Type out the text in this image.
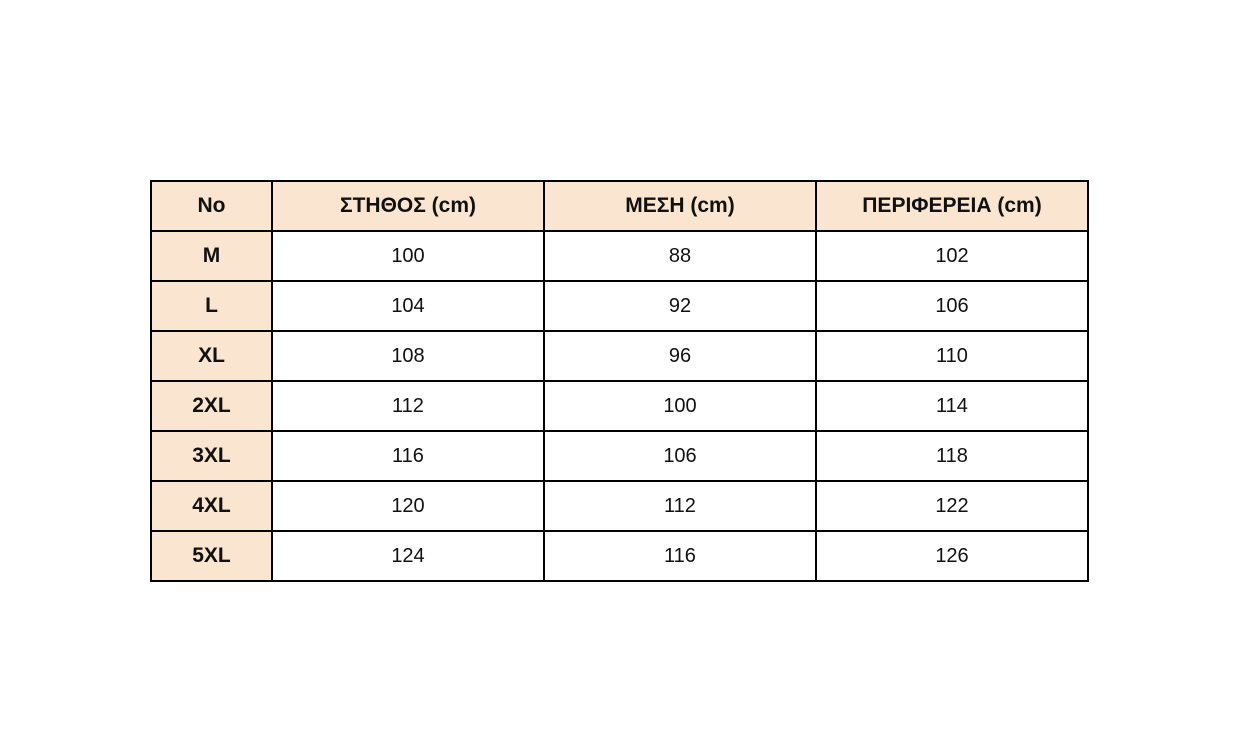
No	ΣΤΗΘΟΣ (cm)	ΜΕΣΗ (cm)	ΠΕΡΙΦΕΡΕΙΑ (cm)
M	100	88	102
L	104	92	106
XL	108	96	110
2XL	112	100	114
3XL	116	106	118
4XL	120	112	122
5XL	124	116	126
